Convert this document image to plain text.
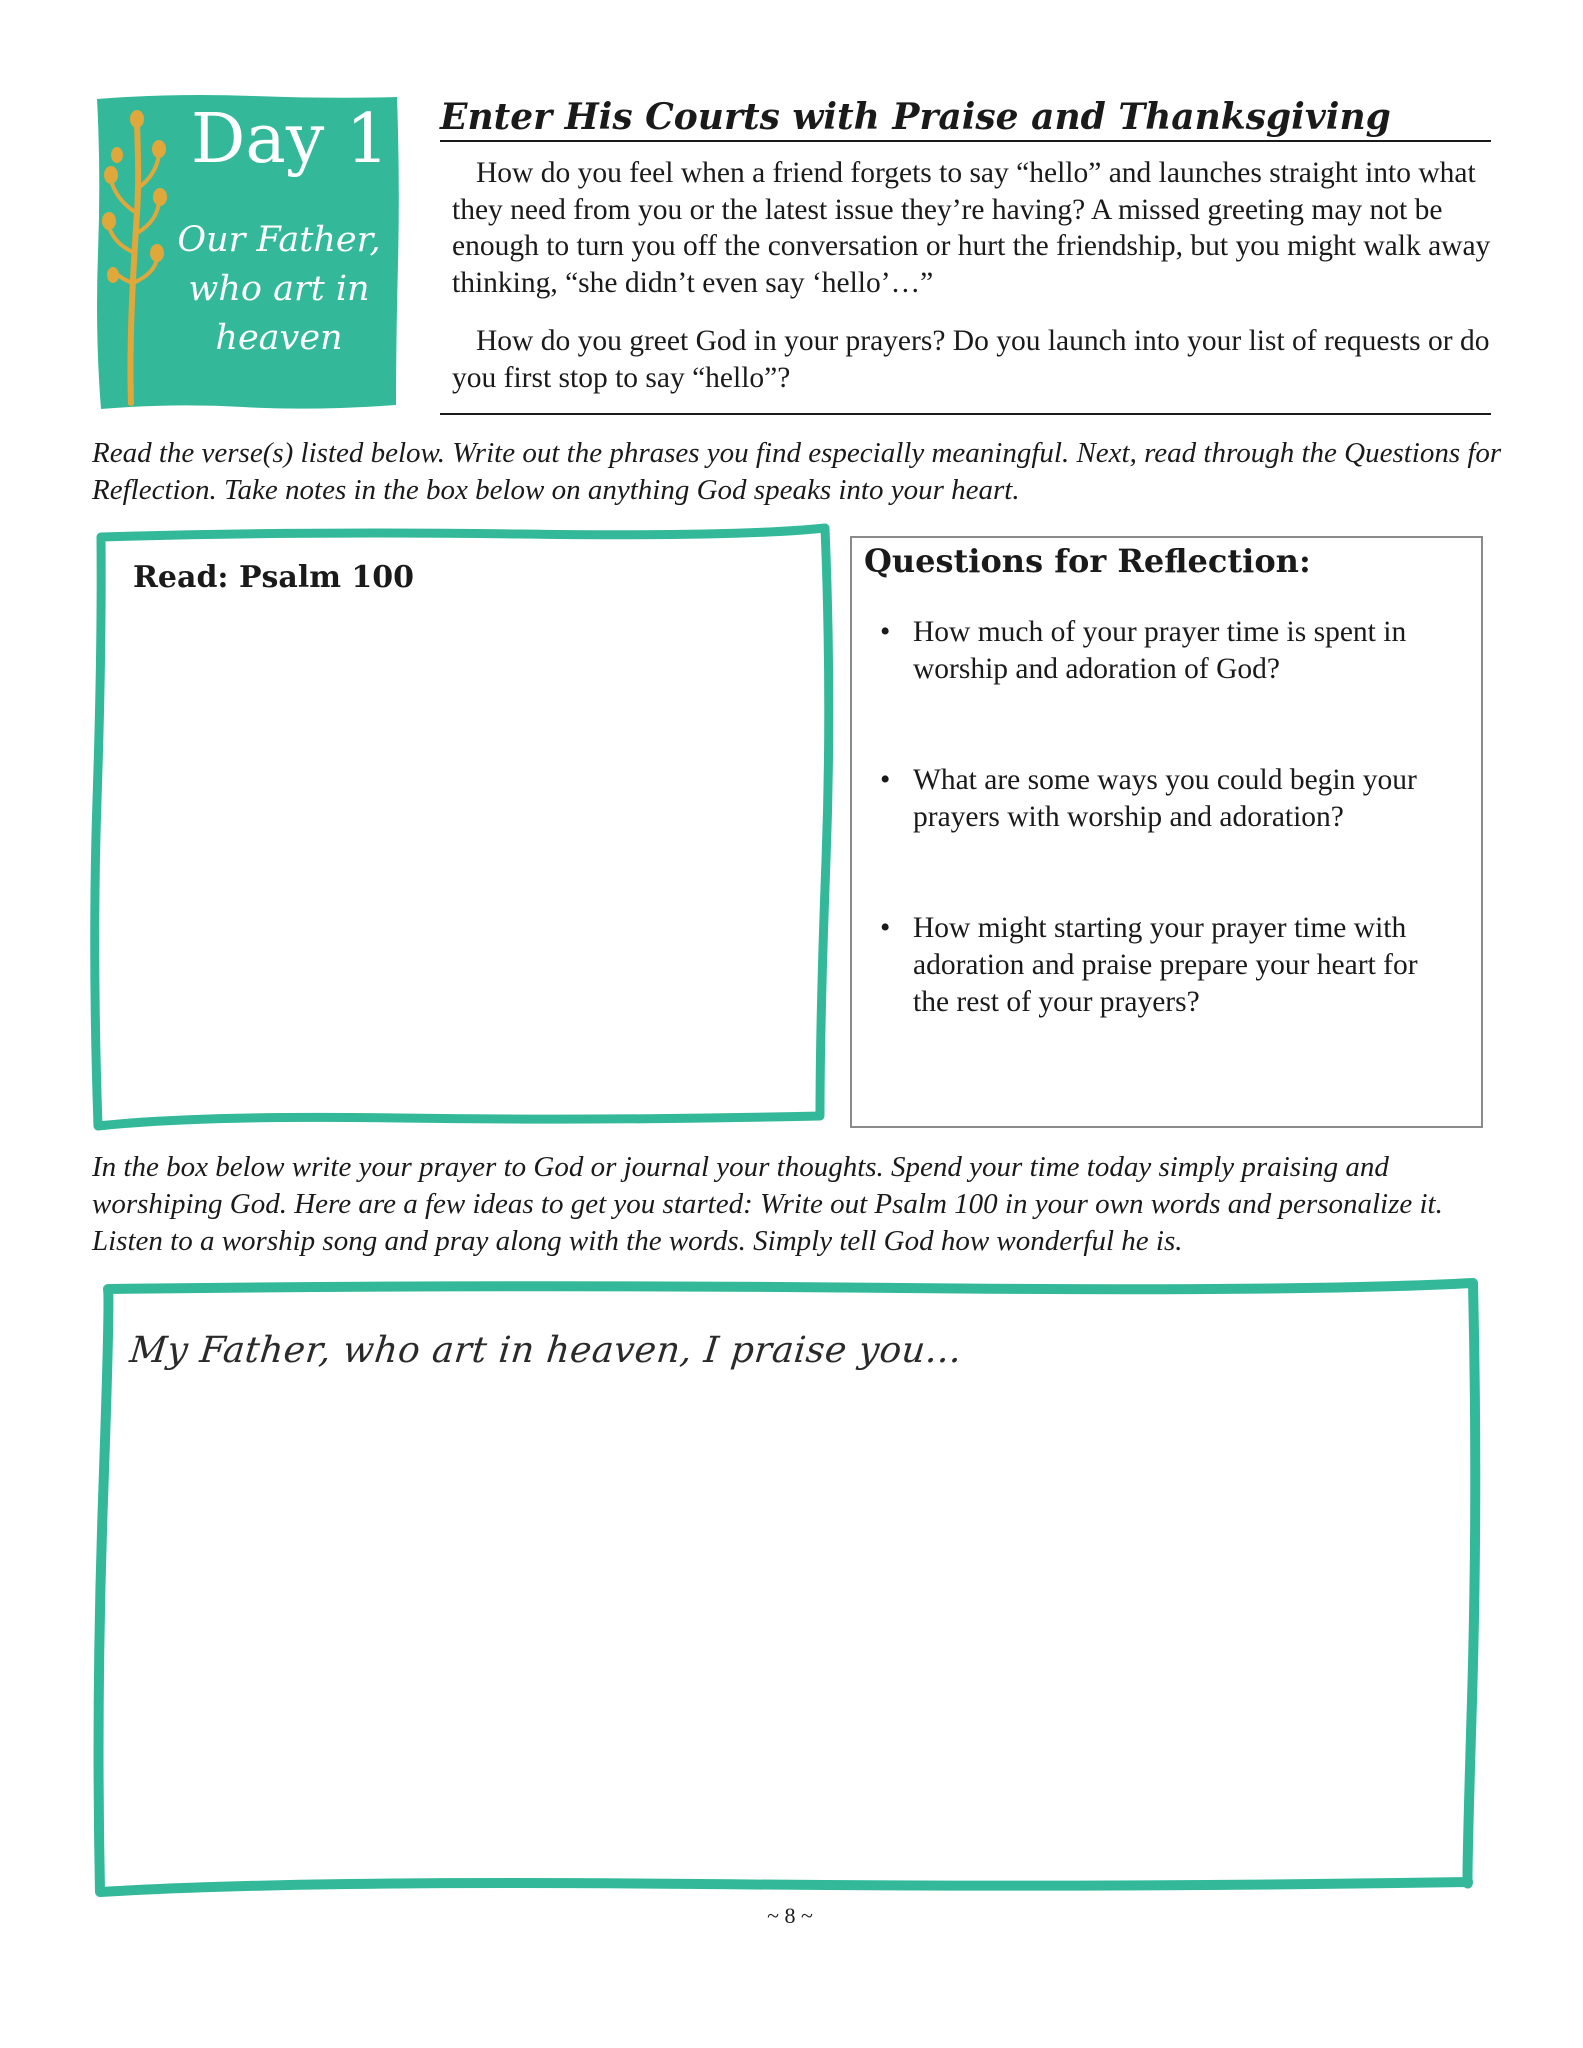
Day 1
Our Father,
who art in
heaven
Enter His Courts with Praise and Thanksgiving

How do you feel when a friend forgets to say “hello” and launches straight into what they need from you or the latest issue they’re having? A missed greeting may not be enough to turn you off the conversation or hurt the friendship, but you might walk away thinking, “she didn’t even say ‘hello’…”

How do you greet God in your prayers? Do you launch into your list of requests or do you first stop to say “hello”?

Read the verse(s) listed below. Write out the phrases you find especially meaningful. Next, read through the Questions for Reflection. Take notes in the box below on anything God speaks into your heart.

Read: Psalm 100	Questions for Reflection:
• How much of your prayer time is spent in worship and adoration of God?
• What are some ways you could begin your prayers with worship and adoration?
• How might starting your prayer time with adoration and praise prepare your heart for the rest of your prayers?

In the box below write your prayer to God or journal your thoughts. Spend your time today simply praising and worshiping God. Here are a few ideas to get you started: Write out Psalm 100 in your own words and personalize it. Listen to a worship song and pray along with the words. Simply tell God how wonderful he is.

My Father, who art in heaven, I praise you…
~ 8 ~
